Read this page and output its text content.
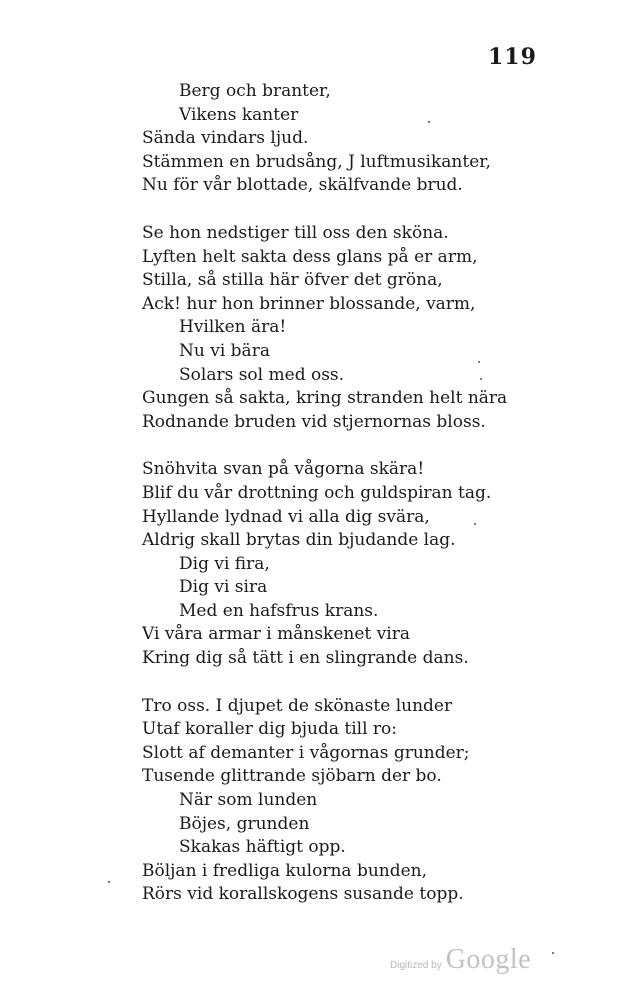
119
Berg och branter,
Vikens kanter
Sända vindars ljud.
Stämmen en brudsång, J luftmusikanter,
Nu för vår blottade, skälfvande brud.
Se hon nedstiger till oss den sköna.
Lyften helt sakta dess glans på er arm,
Stilla, så stilla här öfver det gröna,
Ack! hur hon brinner blossande, varm,
Hvilken ära!
Nu vi bära
Solars sol med oss.
Gungen så sakta, kring stranden helt nära
Rodnande bruden vid stjernornas bloss.
Snöhvita svan på vågorna skära!
Blif du vår drottning och guldspiran tag.
Hyllande lydnad vi alla dig svära,
Aldrig skall brytas din bjudande lag.
Dig vi fira,
Dig vi sira
Med en hafsfrus krans.
Vi våra armar i månskenet vira
Kring dig så tätt i en slingrande dans.
Tro oss. I djupet de skönaste lunder
Utaf koraller dig bjuda till ro:
Slott af demanter i vågornas grunder;
Tusende glittrande sjöbarn der bo.
När som lunden
Böjes, grunden
Skakas häftigt opp.
Böljan i fredliga kulorna bunden,
Rörs vid korallskogens susande topp.
Digitized by Google
